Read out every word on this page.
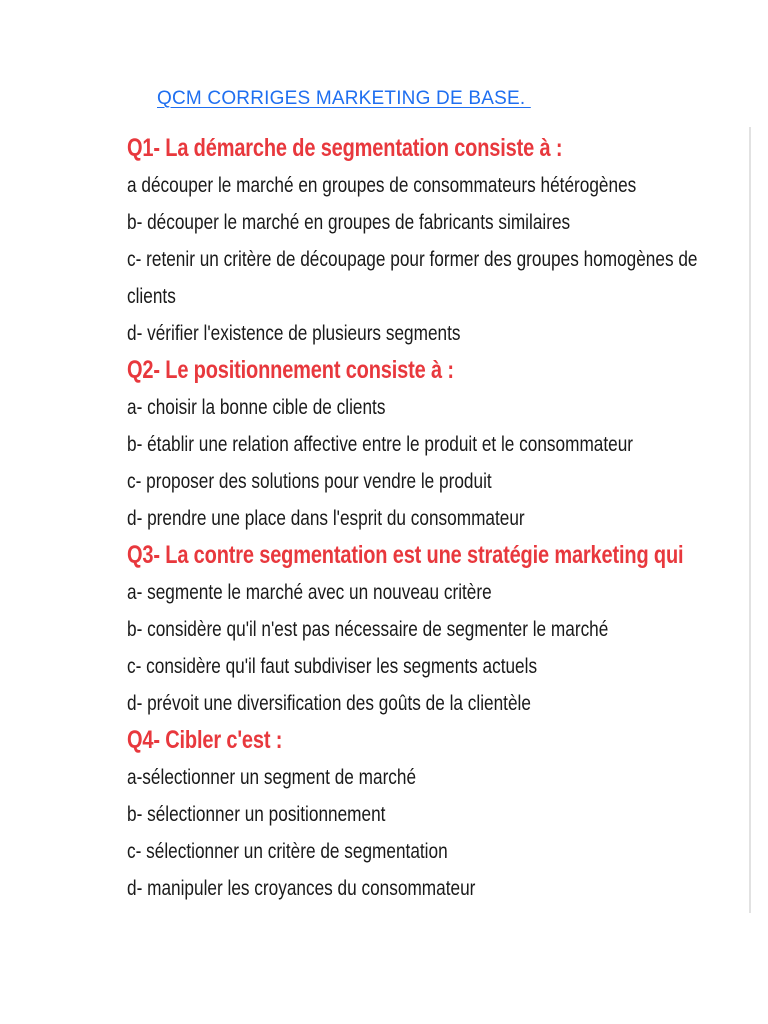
QCM CORRIGES MARKETING DE BASE.
Q1- La démarche de segmentation consiste à :
a découper le marché en groupes de consommateurs hétérogènes
b- découper le marché en groupes de fabricants similaires
c- retenir un critère de découpage pour former des groupes homogènes de clients
d- vérifier l'existence de plusieurs segments
Q2- Le positionnement consiste à :
a- choisir la bonne cible de clients
b- établir une relation affective entre le produit et le consommateur
c- proposer des solutions pour vendre le produit
d- prendre une place dans l'esprit du consommateur
Q3- La contre segmentation est une stratégie marketing qui
a- segmente le marché avec un nouveau critère
b- considère qu'il n'est pas nécessaire de segmenter le marché
c- considère qu'il faut subdiviser les segments actuels
d- prévoit une diversification des goûts de la clientèle
Q4- Cibler c'est :
a-sélectionner un segment de marché
b- sélectionner un positionnement
c- sélectionner un critère de segmentation
d- manipuler les croyances du consommateur
